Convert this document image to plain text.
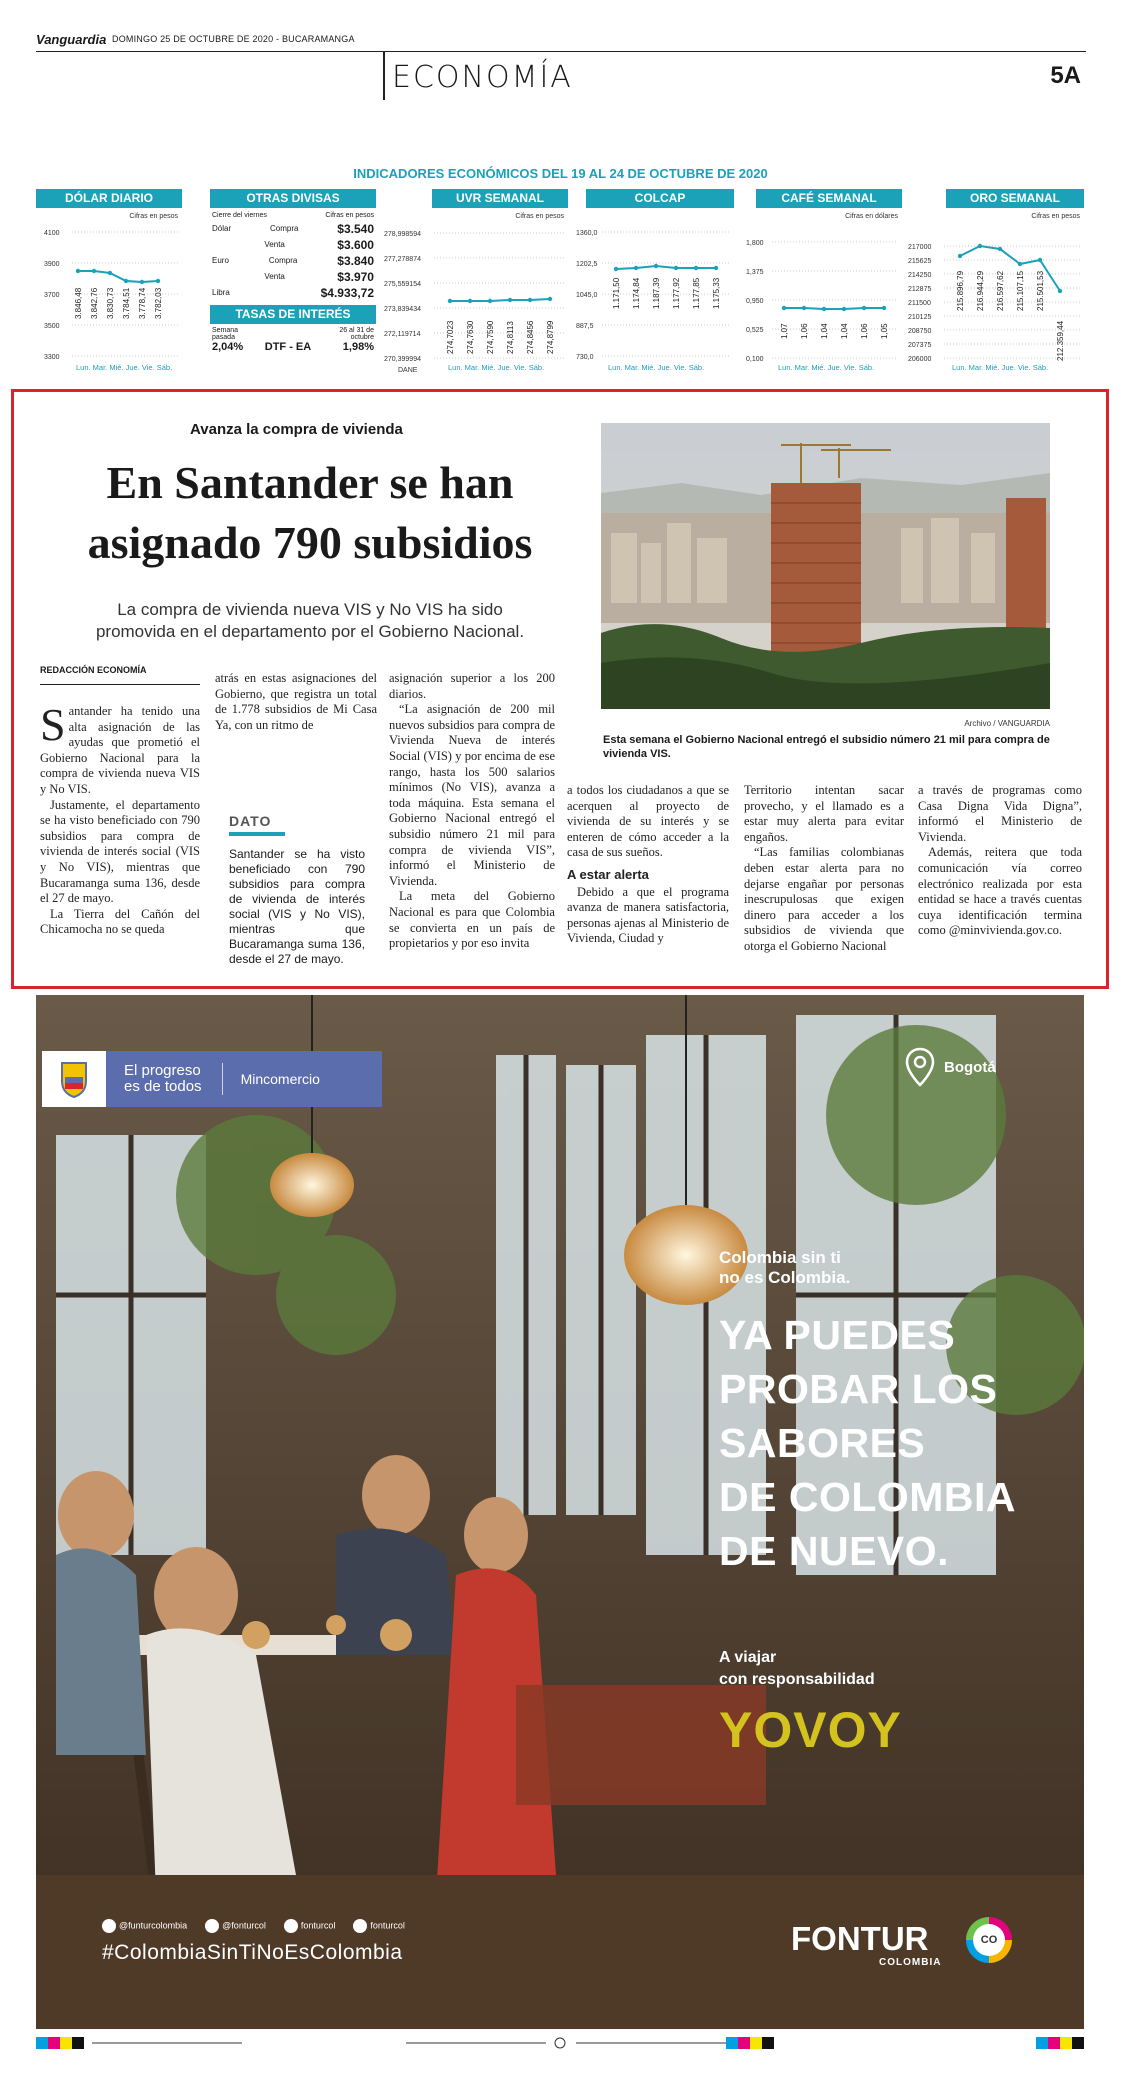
Vanguardia DOMINGO 25 DE OCTUBRE DE 2020 - BUCARAMANGA
ECONOMÍA	5A
INDICADORES ECONÓMICOS DEL 19 AL 24 DE OCTUBRE DE 2020
DÓLAR DIARIO
Cifras en pesos
4100
3900
3700
3500
3300
3.846,48 3.842,76 3.830,73 3.784,51 3.778,74 3.782,03
Lun. Mar. Mié. Jue. Vie. Sáb.
OTRAS DIVISAS
Cierre del viernes	Cifras en pesos
Dólar	Compra	$3.540
Venta	$3.600
Euro	Compra	$3.840
Venta	$3.970
Libra	$4.933,72
TASAS DE INTERÉS
Semana pasada
2,04%	DTF - EA
26 al 31 de octubre
1,98%
UVR SEMANAL
Cifras en pesos
278,998594
277,278874
275,559154
273,839434
272,119714
270,399994
DANE
274,7023 274,7630 274,7590 274,8113 274,8456 274,8799
Lun. Mar. Mié. Jue. Vie. Sáb.
COLCAP
1360,0
1202,5
1045,0
887,5
730,0
1.171,50 1.174,84 1.187,39 1.177,92 1.177,85 1.175,33
Lun. Mar. Mié. Jue. Vie. Sáb.
CAFÉ SEMANAL
Cifras en dólares
1,800
1,375
0,950
0,525
0,100
1,07 1,06 1,04 1,04 1,06 1,05
Lun. Mar. Mié. Jue. Vie. Sáb.
ORO SEMANAL
Cifras en pesos
217000
215625
214250
212875
211500
210125
208750
207375
206000
215.896,79 216.944,29 216.597,62 215.107,15 215.501,53
212.359,44
Lun. Mar. Mié. Jue. Vie. Sáb.
Avanza la compra de vivienda
En Santander se han asignado 790 subsidios
La compra de vivienda nueva VIS y No VIS ha sido promovida en el departamento por el Gobierno Nacional.
REDACCIÓN ECONOMÍA

Santander ha tenido una alta asignación de las ayudas que prometió el Gobierno Nacional para la compra de vivienda nueva VIS y No VIS.

Justamente, el departamento se ha visto beneficiado con 790 subsidios para compra de vivienda de interés social (VIS y No VIS), mientras que Bucaramanga suma 136, desde el 27 de mayo.

La Tierra del Cañón del Chicamocha no se queda

atrás en estas asignaciones del Gobierno, que registra un total de 1.778 subsidios de Mi Casa Ya, con un ritmo de

DATO
Santander se ha visto beneficiado con 790 subsidios para compra de vivienda de interés social (VIS y No VIS), mientras que Bucaramanga suma 136, desde el 27 de mayo.

asignación superior a los 200 diarios.

“La asignación de 200 mil nuevos subsidios para compra de Vivienda Nueva de interés Social (VIS) y por encima de ese rango, hasta los 500 salarios mínimos (No VIS), avanza a toda máquina. Esta semana el Gobierno Nacional entregó el subsidio número 21 mil para compra de vivienda VIS”, informó el Ministerio de Vivienda.

La meta del Gobierno Nacional es para que Colombia se convierta en un país de propietarios y por eso invita

a todos los ciudadanos a que se acerquen al proyecto de vivienda de su interés y se enteren de cómo acceder a la casa de sus sueños.

A estar alerta

Debido a que el programa avanza de manera satisfactoria, personas ajenas al Ministerio de Vivienda, Ciudad y

Territorio intentan sacar provecho, y el llamado es a estar muy alerta para evitar engaños.

“Las familias colombianas deben estar alerta para no dejarse engañar por personas inescrupulosas que exigen dinero para acceder a los subsidios de vivienda que otorga el Gobierno Nacional

a través de programas como Casa Digna Vida Digna”, informó el Ministerio de Vivienda.

Además, reitera que toda comunicación vía correo electrónico realizada por esta entidad se hace a través cuentas cuya identificación termina como @minvivienda.gov.co.

Archivo / VANGUARDIA
Esta semana el Gobierno Nacional entregó el subsidio número 21 mil para compra de vivienda VIS.
El progreso
es de todos	Mincomercio
Bogotá
Colombia sin ti
no es Colombia.
YA PUEDES
PROBAR LOS
SABORES
DE COLOMBIA
DE NUEVO.
A viajar
con responsabilidad
YOVOY
@funturcolombia	@fonturcol	fonturcol	fonturcol
#ColombiaSinTiNoEsColombia	FONTUR
COLOMBIA
CO
